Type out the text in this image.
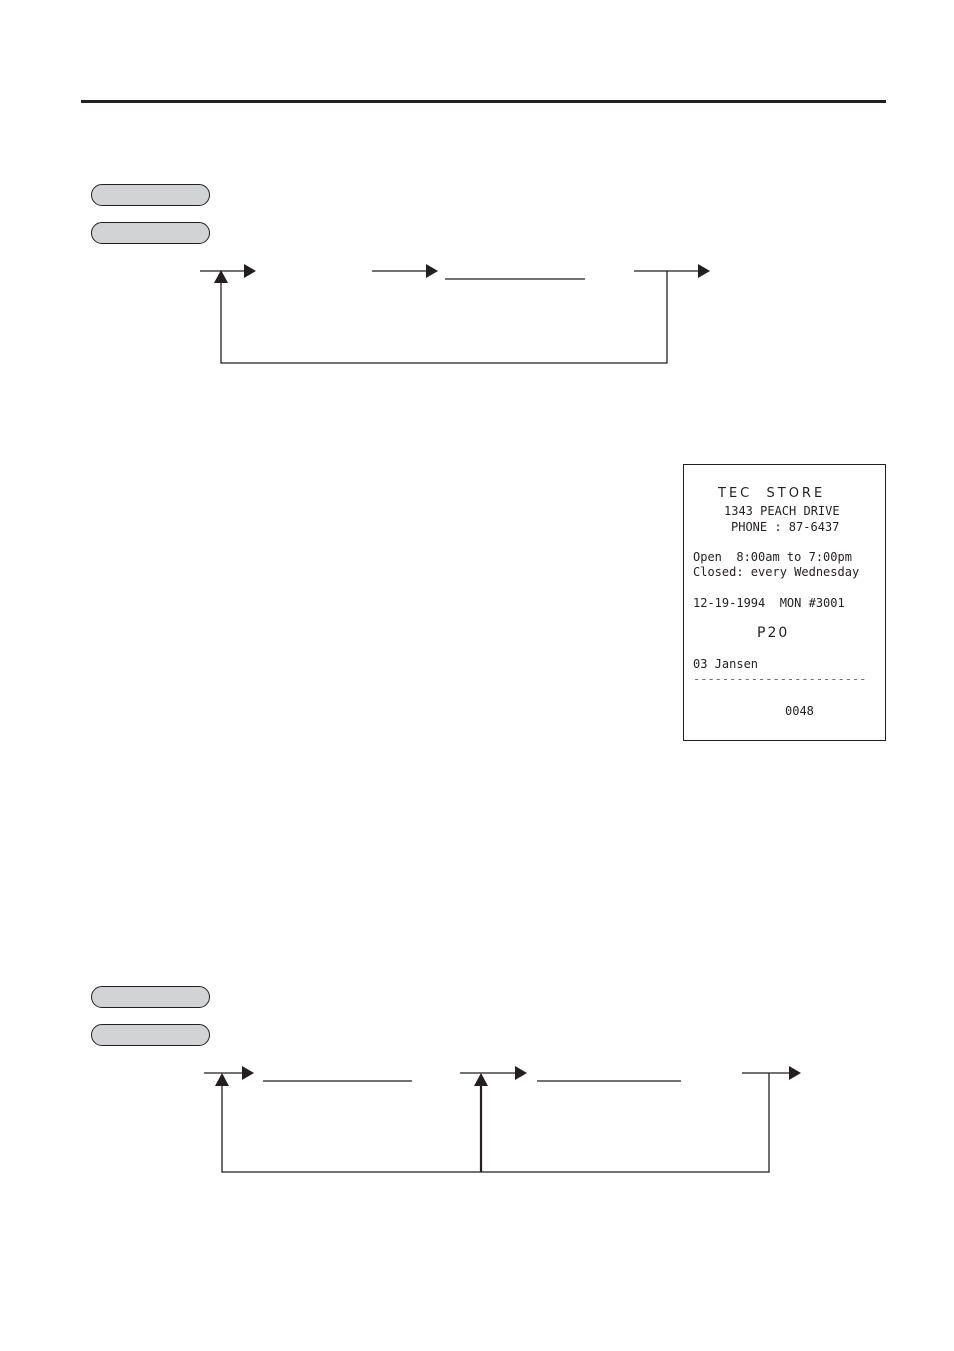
TEC  STORE
1343 PEACH DRIVE
PHONE : 87-6437
Open  8:00am to 7:00pm
Closed: every Wednesday
12-19-1994  MON #3001
P20
03 Jansen
------------------------
0048
